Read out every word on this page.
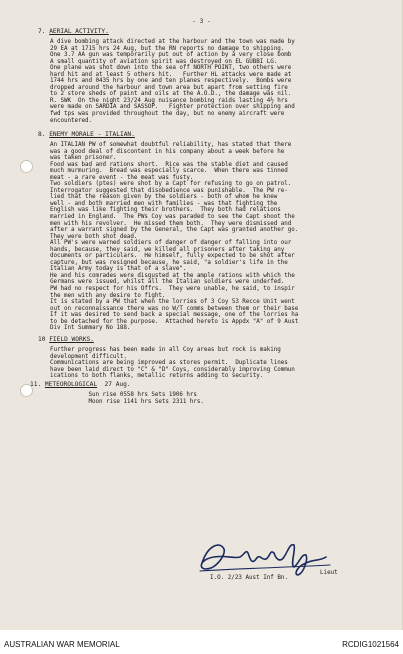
- 3 -
7. AERIAL ACTIVITY.

A dive bombing attack directed at the harbour and the town was made by

29 EA at 1715 hrs 24 Aug, but the RN reports no damage to shipping.

One 3.7 AA gun was temporarily put out of action by a very close bomb

A small quantity of aviation spirit was destroyed on EL GUBBI LG.

One plane was shot down into the sea off NORTH POINT, two others were

hard hit and at least 5 others hit.   Further HL attacks were made at

1744 hrs and 0435 hrs by one and ten planes respectively.  Bombs were

dropped around the harbour and town area but apart from setting fire

to 2 store sheds of paint and oils at the A.O.D., the damage was nil.

R. SWK  On the night 23/24 Aug nuisance bombing raids lasting 4½ hrs

were made on SARDIA and SASSOP.   Fighter protection over shipping and

fwd tps was provided throughout the day, but no enemy aircraft were

encountered.

8. ENEMY MORALE - ITALIAN.

An ITALIAN PW of somewhat doubtful reliability, has stated that there

was a good deal of discontent in his company about a week before he

was taken prisoner.

Food was bad and rations short.  Rice was the stable diet and caused

much murmuring.  Bread was especially scarce.  When there was tinned

meat - a rare event - the meat was fusty.

Two soldiers (ptes) were shot by a Capt for refusing to go on patrol.

Interrogator suggested that disobedience was punishable.  The PW re-

lied that the reason given by the soldiers - both of whom he knew

well - and both married men with families - was that fighting the

English was like fighting their brothers.  They both had relations

married in England.  The PWs Coy was paraded to see the Capt shoot the

men with his revolver.  He missed them both.  They were dismissed and

after a warrant signed by the General, the Capt was granted another go.

They were both shot dead.

All PW's were warned soldiers of danger of danger of falling into our

hands, because, they said, we killed all prisoners after taking any

documents or particulars.  He himself, fully expected to be shot after

capture, but was resigned because, he said, "a soldier's life in the

Italian Army today is that of a slave".

He and his comrades were disgusted at the ample rations with which the

Germans were issued, whilst all the Italian soldiers were underfed.

PW had no respect for his Offrs.  They were unable, he said, to inspir

the men with any desire to fight.

It is stated by a PW that when the lorries of 3 Coy 53 Recce Unit went

out on reconnaissance there was no W/T comms between them or their base

If it was desired to send back a special message, one of the lorries ha

to be detached for the purpose.  Attached hereto is Appdx "A" of 9 Aust

Div Int Summary No 188.

10 FIELD WORKS.

Further progress has been made in all Coy areas but rock is making

development difficult.

Communications are being improved as stores permit.  Duplicate lines

have been laid direct to "C" & "D" Coys, considerably improving Commun

ications to both flanks, metallic returns adding to security.

11. METEOROLOGICAL  27 Aug.

Sun rise 0558 hrs Sets 1906 hrs

Moon rise 1141 hrs Sets 2311 hrs.

Lieut
I.O. 2/23 Aust Inf Bn.
AUSTRALIAN WAR MEMORIAL	RCDIG1021564
